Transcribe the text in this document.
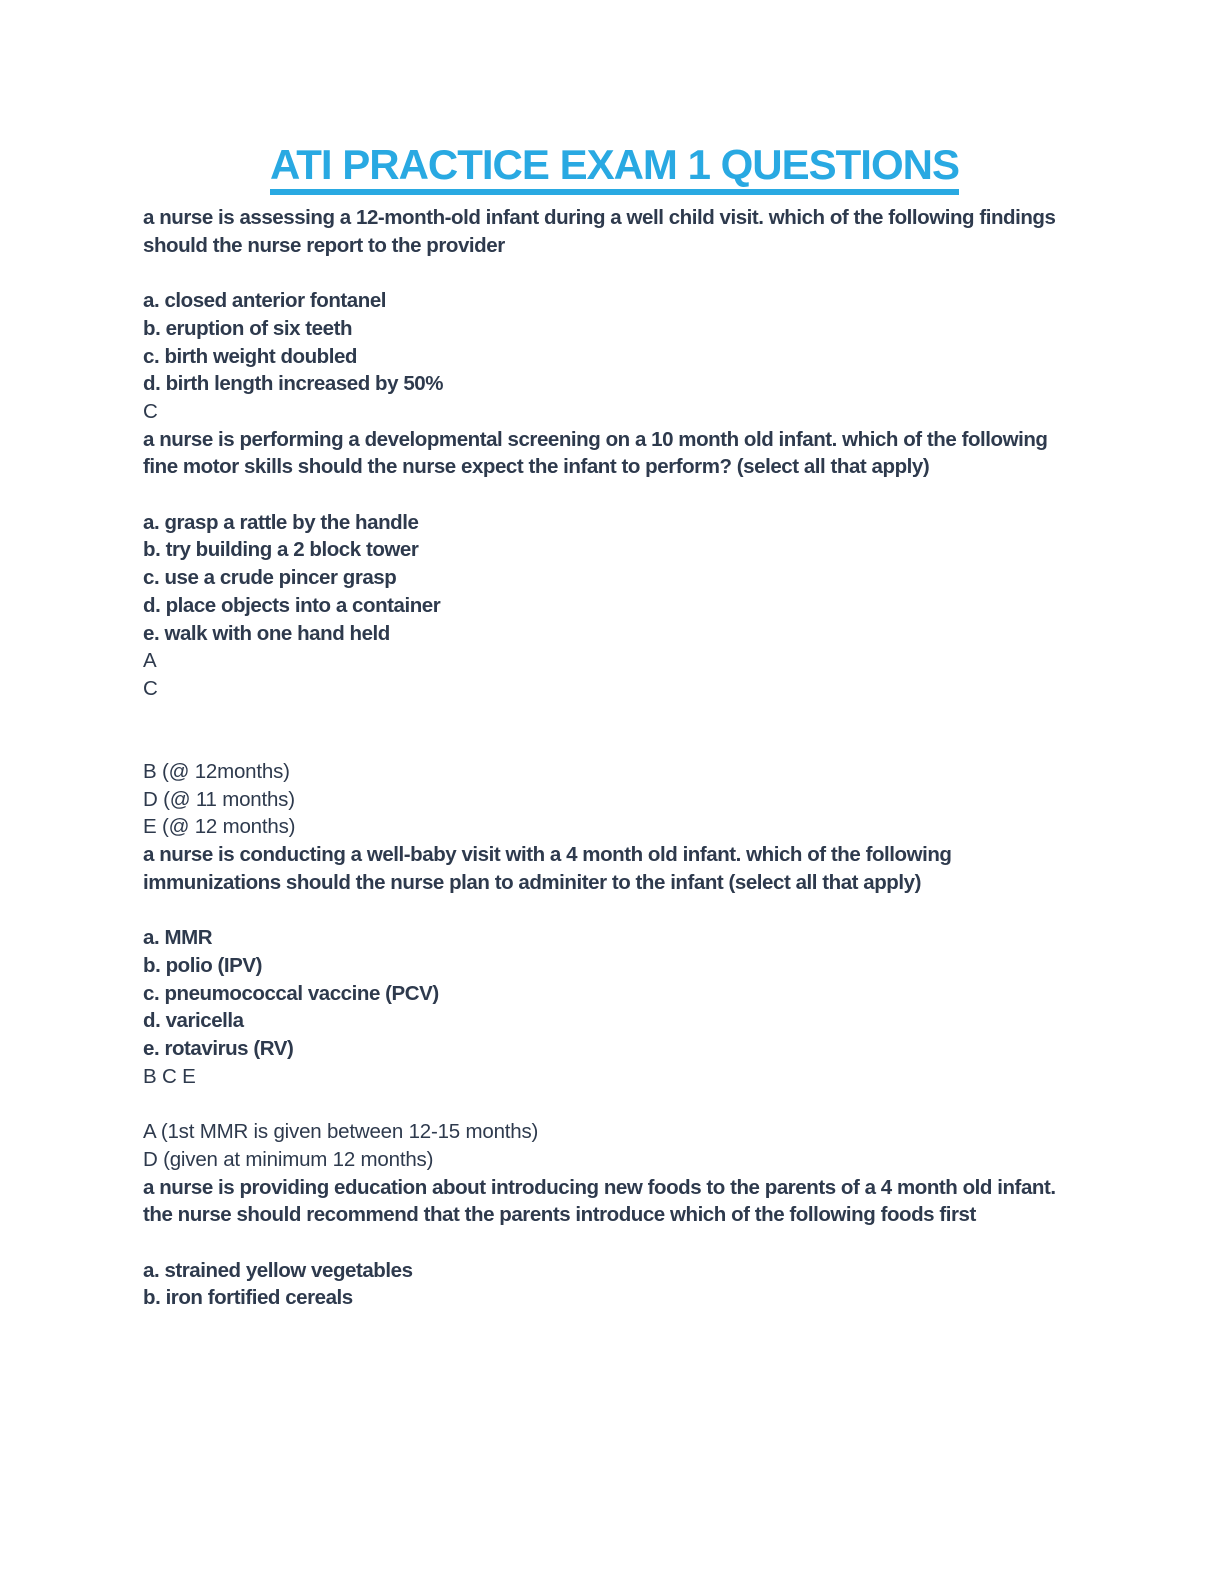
ATI PRACTICE EXAM 1 QUESTIONS
a nurse is assessing a 12-month-old infant during a well child visit. which of the following findings should the nurse report to the provider
a. closed anterior fontanel
b. eruption of six teeth
c. birth weight doubled
d. birth length increased by 50%
C
a nurse is performing a developmental screening on a 10 month old infant. which of the following fine motor skills should the nurse expect the infant to perform? (select all that apply)
a. grasp a rattle by the handle
b. try building a 2 block tower
c. use a crude pincer grasp
d. place objects into a container
e. walk with one hand held
A
C
B (@ 12months)
D (@ 11 months)
E (@ 12 months)
a nurse is conducting a well-baby visit with a 4 month old infant. which of the following immunizations should the nurse plan to adminiter to the infant (select all that apply)
a. MMR
b. polio (IPV)
c. pneumococcal vaccine (PCV)
d. varicella
e. rotavirus (RV)
B C E
A (1st MMR is given between 12-15 months)
D (given at minimum 12 months)
a nurse is providing education about introducing new foods to the parents of a 4 month old infant. the nurse should recommend that the parents introduce which of the following foods first
a. strained yellow vegetables
b. iron fortified cereals
